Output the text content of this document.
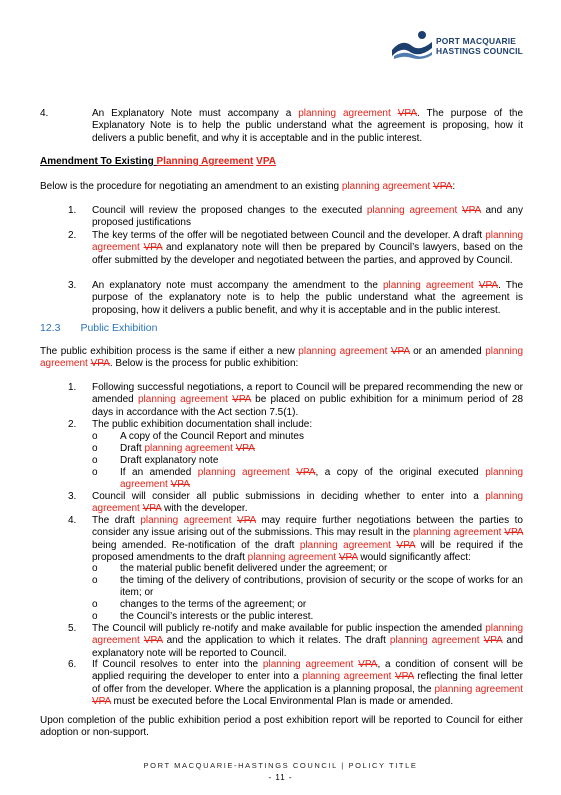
PORT MACQUARIE
HASTINGS COUNCIL
4.	An Explanatory Note must accompany a planning agreement VPA. The purpose of the Explanatory Note is to help the public understand what the agreement is proposing, how it delivers a public benefit, and why it is acceptable and in the public interest.
Amendment To Existing Planning Agreement VPA
Below is the procedure for negotiating an amendment to an existing planning agreement VPA:
1. Council will review the proposed changes to the executed planning agreement VPA and any proposed justifications
2. The key terms of the offer will be negotiated between Council and the developer. A draft planning agreement VPA and explanatory note will then be prepared by Council’s lawyers, based on the offer submitted by the developer and negotiated between the parties, and approved by Council.
3. An explanatory note must accompany the amendment to the planning agreement VPA. The purpose of the explanatory note is to help the public understand what the agreement is proposing, how it delivers a public benefit, and why it is acceptable and in the public interest.
12.3 Public Exhibition
The public exhibition process is the same if either a new planning agreement VPA or an amended planning agreement VPA. Below is the process for public exhibition:
1. Following successful negotiations, a report to Council will be prepared recommending the new or amended planning agreement VPA be placed on public exhibition for a minimum period of 28 days in accordance with the Act section 7.5(1).
2. The public exhibition documentation shall include:
o A copy of the Council Report and minutes
o Draft planning agreement VPA
o Draft explanatory note
o If an amended planning agreement VPA, a copy of the original executed planning agreement VPA
3. Council will consider all public submissions in deciding whether to enter into a planning agreement VPA with the developer.
4. The draft planning agreement VPA may require further negotiations between the parties to consider any issue arising out of the submissions. This may result in the planning agreement VPA being amended. Re-notification of the draft planning agreement VPA will be required if the proposed amendments to the draft planning agreement VPA would significantly affect:
o the material public benefit delivered under the agreement; or
o the timing of the delivery of contributions, provision of security or the scope of works for an item; or
o changes to the terms of the agreement; or
o the Council’s interests or the public interest.
5. The Council will publicly re-notify and make available for public inspection the amended planning agreement VPA and the application to which it relates. The draft planning agreement VPA and explanatory note will be reported to Council.
6. If Council resolves to enter into the planning agreement VPA, a condition of consent will be applied requiring the developer to enter into a planning agreement VPA reflecting the final letter of offer from the developer. Where the application is a planning proposal, the planning agreement VPA must be executed before the Local Environmental Plan is made or amended.
Upon completion of the public exhibition period a post exhibition report will be reported to Council for either adoption or non-support.
PORT MACQUARIE-HASTINGS COUNCIL | POLICY TITLE
- 11 -
